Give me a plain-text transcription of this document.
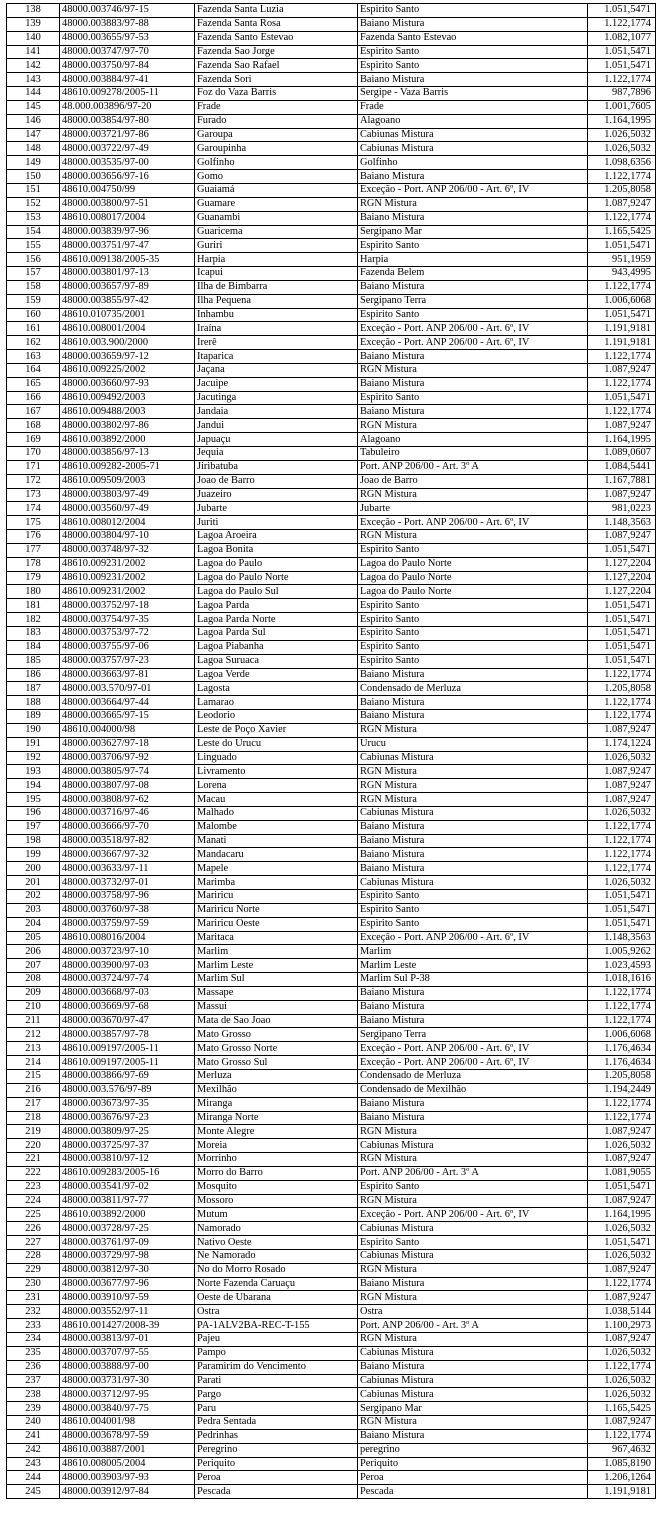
138	48000.003746/97-15	Fazenda Santa Luzia	Espirito Santo	1.051,5471
139	48000.003883/97-88	Fazenda Santa Rosa	Baiano Mistura	1.122,1774
140	48000.003655/97-53	Fazenda Santo Estevao	Fazenda Santo Estevao	1.082,1077
141	48000.003747/97-70	Fazenda Sao Jorge	Espirito Santo	1.051,5471
142	48000.003750/97-84	Fazenda Sao Rafael	Espirito Santo	1.051,5471
143	48000.003884/97-41	Fazenda Sori	Baiano Mistura	1.122,1774
144	48610.009278/2005-11	Foz do Vaza Barris	Sergipe - Vaza Barris	987,7896
145	48.000.003896/97-20	Frade	Frade	1.001,7605
146	48000.003854/97-80	Furado	Alagoano	1.164,1995
147	48000.003721/97-86	Garoupa	Cabiunas Mistura	1.026,5032
148	48000.003722/97-49	Garoupinha	Cabiunas Mistura	1.026,5032
149	48000.003535/97-00	Golfinho	Golfinho	1.098,6356
150	48000.003656/97-16	Gomo	Baiano Mistura	1.122,1774
151	48610.004750/99	Guaiamá	Exceção - Port. ANP 206/00 - Art. 6º, IV	1.205,8058
152	48000.003800/97-51	Guamare	RGN Mistura	1.087,9247
153	48610.008017/2004	Guanambi	Baiano Mistura	1.122,1774
154	48000.003839/97-96	Guaricema	Sergipano Mar	1.165,5425
155	48000.003751/97-47	Guriri	Espirito Santo	1.051,5471
156	48610.009138/2005-35	Harpia	Harpia	951,1959
157	48000.003801/97-13	Icapui	Fazenda Belem	943,4995
158	48000.003657/97-89	Ilha de Bimbarra	Baiano Mistura	1.122,1774
159	48000.003855/97-42	Ilha Pequena	Sergipano Terra	1.006,6068
160	48610.010735/2001	Inhambu	Espirito Santo	1.051,5471
161	48610.008001/2004	Iraína	Exceção - Port. ANP 206/00 - Art. 6º, IV	1.191,9181
162	48610.003.900/2000	Irerê	Exceção - Port. ANP 206/00 - Art. 6º, IV	1.191,9181
163	48000.003659/97-12	Itaparica	Baiano Mistura	1.122,1774
164	48610.009225/2002	Jaçana	RGN Mistura	1.087,9247
165	48000.003660/97-93	Jacuipe	Baiano Mistura	1.122,1774
166	48610.009492/2003	Jacutinga	Espirito Santo	1.051,5471
167	48610.009488/2003	Jandaia	Baiano Mistura	1.122,1774
168	48000.003802/97-86	Jandui	RGN Mistura	1.087,9247
169	48610.003892/2000	Japuaçu	Alagoano	1.164,1995
170	48000.003856/97-13	Jequia	Tabuleiro	1.089,0607
171	48610.009282-2005-71	Jiribatuba	Port. ANP 206/00 - Art. 3º A	1.084,5441
172	48610.009509/2003	Joao de Barro	Joao de Barro	1.167,7881
173	48000.003803/97-49	Juazeiro	RGN Mistura	1.087,9247
174	48000.003560/97-49	Jubarte	Jubarte	981,0223
175	48610.008012/2004	Juriti	Exceção - Port. ANP 206/00 - Art. 6º, IV	1.148,3563
176	48000.003804/97-10	Lagoa Aroeira	RGN Mistura	1.087,9247
177	48000.003748/97-32	Lagoa Bonita	Espirito Santo	1.051,5471
178	48610.009231/2002	Lagoa do Paulo	Lagoa do Paulo Norte	1.127,2204
179	48610.009231/2002	Lagoa do Paulo Norte	Lagoa do Paulo Norte	1.127,2204
180	48610.009231/2002	Lagoa do Paulo Sul	Lagoa do Paulo Norte	1.127,2204
181	48000.003752/97-18	Lagoa Parda	Espirito Santo	1.051,5471
182	48000.003754/97-35	Lagoa Parda Norte	Espirito Santo	1.051,5471
183	48000.003753/97-72	Lagoa Parda Sul	Espirito Santo	1.051,5471
184	48000.003755/97-06	Lagoa Piabanha	Espirito Santo	1.051,5471
185	48000.003757/97-23	Lagoa Suruaca	Espirito Santo	1.051,5471
186	48000.003663/97-81	Lagoa Verde	Baiano Mistura	1.122,1774
187	48000.003.570/97-01	Lagosta	Condensado de Merluza	1.205,8058
188	48000.003664/97-44	Lamarao	Baiano Mistura	1.122,1774
189	48000.003665/97-15	Leodorio	Baiano Mistura	1.122,1774
190	48610.004000/98	Leste de Poço Xavier	RGN Mistura	1.087,9247
191	48000.003627/97-18	Leste do Urucu	Urucu	1.174,1224
192	48000.003706/97-92	Linguado	Cabiunas Mistura	1.026,5032
193	48000.003805/97-74	Livramento	RGN Mistura	1.087,9247
194	48000.003807/97-08	Lorena	RGN Mistura	1.087,9247
195	48000.003808/97-62	Macau	RGN Mistura	1.087,9247
196	48000.003716/97-46	Malhado	Cabiunas Mistura	1.026,5032
197	48000.003666/97-70	Malombe	Baiano Mistura	1.122,1774
198	48000.003518/97-82	Manati	Baiano Mistura	1.122,1774
199	48000.003667/97-32	Mandacaru	Baiano Mistura	1.122,1774
200	48000.003633/97-11	Mapele	Baiano Mistura	1.122,1774
201	48000.003732/97-01	Marimba	Cabiunas Mistura	1.026,5032
202	48000.003758/97-96	Mariricu	Espirito Santo	1.051,5471
203	48000.003760/97-38	Mariricu Norte	Espirito Santo	1.051,5471
204	48000.003759/97-59	Mariricu Oeste	Espirito Santo	1.051,5471
205	48610.008016/2004	Maritaca	Exceção - Port. ANP 206/00 - Art. 6º, IV	1.148,3563
206	48000.003723/97-10	Marlim	Marlim	1.005,9262
207	48000.003900/97-03	Marlim Leste	Marlim Leste	1.023,4593
208	48000.003724/97-74	Marlim Sul	Marlim Sul P-38	1.018,1616
209	48000.003668/97-03	Massape	Baiano Mistura	1.122,1774
210	48000.003669/97-68	Massui	Baiano Mistura	1.122,1774
211	48000.003670/97-47	Mata de Sao Joao	Baiano Mistura	1.122,1774
212	48000.003857/97-78	Mato Grosso	Sergipano Terra	1.006,6068
213	48610.009197/2005-11	Mato Grosso Norte	Exceção - Port. ANP 206/00 - Art. 6º, IV	1.176,4634
214	48610.009197/2005-11	Mato Grosso Sul	Exceção - Port. ANP 206/00 - Art. 6º, IV	1.176,4634
215	48000.003866/97-69	Merluza	Condensado de Merluza	1.205,8058
216	48000.003.576/97-89	Mexilhão	Condensado de Mexilhão	1.194,2449
217	48000.003673/97-35	Miranga	Baiano Mistura	1.122,1774
218	48000.003676/97-23	Miranga Norte	Baiano Mistura	1.122,1774
219	48000.003809/97-25	Monte Alegre	RGN Mistura	1.087,9247
220	48000.003725/97-37	Moreia	Cabiunas Mistura	1.026,5032
221	48000.003810/97-12	Morrinho	RGN Mistura	1.087,9247
222	48610.009283/2005-16	Morro do Barro	Port. ANP 206/00 - Art. 3º A	1.081,9055
223	48000.003541/97-02	Mosquito	Espirito Santo	1.051,5471
224	48000.003811/97-77	Mossoro	RGN Mistura	1.087,9247
225	48610.003892/2000	Mutum	Exceção - Port. ANP 206/00 - Art. 6º, IV	1.164,1995
226	48000.003728/97-25	Namorado	Cabiunas Mistura	1.026,5032
227	48000.003761/97-09	Nativo Oeste	Espirito Santo	1.051,5471
228	48000.003729/97-98	Ne Namorado	Cabiunas Mistura	1.026,5032
229	48000.003812/97-30	No do Morro Rosado	RGN Mistura	1.087,9247
230	48000.003677/97-96	Norte Fazenda Caruaçu	Baiano Mistura	1.122,1774
231	48000.003910/97-59	Oeste de Ubarana	RGN Mistura	1.087,9247
232	48000.003552/97-11	Ostra	Ostra	1.038,5144
233	48610.001427/2008-39	PA-1ALV2BA-REC-T-155	Port. ANP 206/00 - Art. 3º A	1.100,2973
234	48000.003813/97-01	Pajeu	RGN Mistura	1.087,9247
235	48000.003707/97-55	Pampo	Cabiunas Mistura	1.026,5032
236	48000.003888/97-00	Paramirim do Vencimento	Baiano Mistura	1.122,1774
237	48000.003731/97-30	Parati	Cabiunas Mistura	1.026,5032
238	48000.003712/97-95	Pargo	Cabiunas Mistura	1.026,5032
239	48000.003840/97-75	Paru	Sergipano Mar	1.165,5425
240	48610.004001/98	Pedra Sentada	RGN Mistura	1.087,9247
241	48000.003678/97-59	Pedrinhas	Baiano Mistura	1.122,1774
242	48610.003887/2001	Peregrino	peregrino	967,4632
243	48610.008005/2004	Periquito	Periquito	1.085,8190
244	48000.003903/97-93	Peroa	Peroa	1.206,1264
245	48000.003912/97-84	Pescada	Pescada	1.191,9181
